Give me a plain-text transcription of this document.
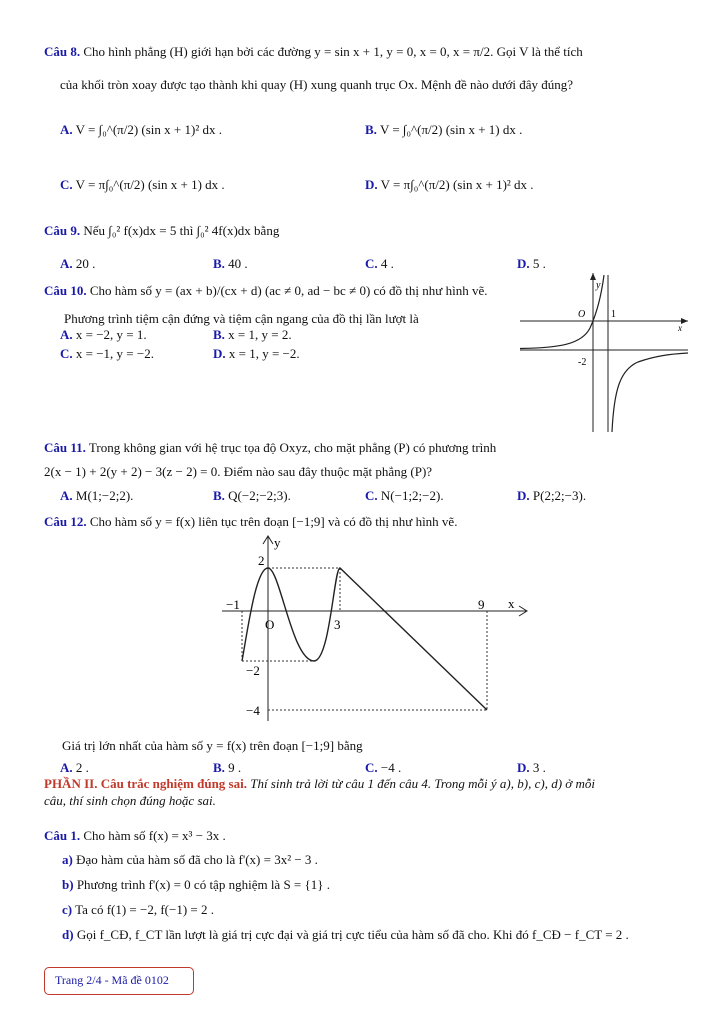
Câu 8. Cho hình phẳng (H) giới hạn bởi các đường y = sin x + 1, y = 0, x = 0, x = π/2. Gọi V là thể tích
của khối tròn xoay được tạo thành khi quay (H) xung quanh trục Ox. Mệnh đề nào dưới đây đúng?
A. V = ∫₀^(π/2) (sin x + 1)² dx .	B. V = ∫₀^(π/2) (sin x + 1) dx .
C. V = π∫₀^(π/2) (sin x + 1) dx .	D. V = π∫₀^(π/2) (sin x + 1)² dx .
Câu 9. Nếu ∫₀² f(x)dx = 5 thì ∫₀² 4f(x)dx bằng
A. 20 .	B. 40 .	C. 4 .	D. 5 .
Câu 10. Cho hàm số y = (ax + b)/(cx + d) (ac ≠ 0, ad − bc ≠ 0) có đồ thị như hình vẽ.
Phương trình tiệm cận đứng và tiệm cận ngang của đồ thị lần lượt là
A. x = −2, y = 1.	B. x = 1, y = 2.
C. x = −1, y = −2.	D. x = 1, y = −2.
y
x
O	1
-2
Câu 11. Trong không gian với hệ trục tọa độ Oxyz, cho mặt phẳng (P) có phương trình
2(x − 1) + 2(y + 2) − 3(z − 2) = 0. Điểm nào sau đây thuộc mặt phẳng (P)?
A. M(1;−2;2).	B. Q(−2;−2;3).	C. N(−1;2;−2).	D. P(2;2;−3).
Câu 12. Cho hàm số y = f(x) liên tục trên đoạn [−1;9] và có đồ thị như hình vẽ.
y
x
2
−1
O	3
9
−2
−4
Giá trị lớn nhất của hàm số y = f(x) trên đoạn [−1;9] bằng
A. 2 .	B. 9 .	C. −4 .	D. 3 .
PHẦN II. Câu trắc nghiệm đúng sai. Thí sinh trả lời từ câu 1 đến câu 4. Trong mỗi ý a), b), c), d) ở mỗi
câu, thí sinh chọn đúng hoặc sai.
Câu 1. Cho hàm số f(x) = x³ − 3x .
a) Đạo hàm của hàm số đã cho là f'(x) = 3x² − 3 .
b) Phương trình f'(x) = 0 có tập nghiệm là S = {1} .
c) Ta có f(1) = −2, f(−1) = 2 .
d) Gọi f_CĐ, f_CT lần lượt là giá trị cực đại và giá trị cực tiểu của hàm số đã cho. Khi đó f_CĐ − f_CT = 2 .
Trang 2/4 - Mã đề 0102
